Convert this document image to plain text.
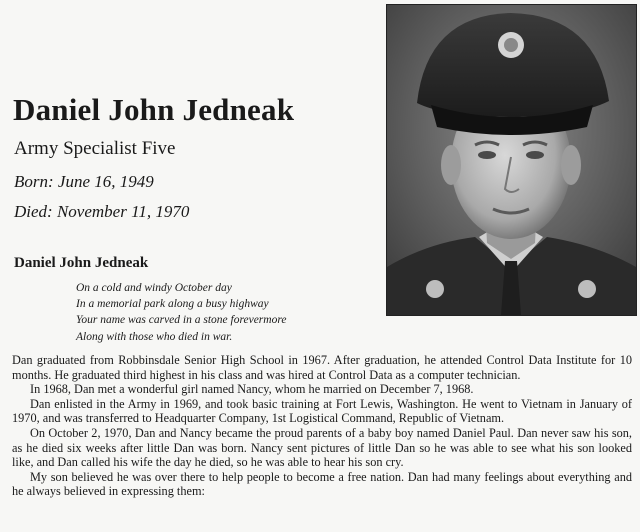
Daniel John Jedneak
Army Specialist Five
Born: June 16, 1949
Died: November 11, 1970
Daniel John Jedneak
On a cold and windy October day
In a memorial park along a busy highway
Your name was carved in a stone forevermore
Along with those who died in war.

Dan graduated from Robbinsdale Senior High School in 1967. After graduation, he attended Control Data Institute for 10 months. He graduated third highest in his class and was hired at Control Data as a computer technician.

In 1968, Dan met a wonderful girl named Nancy, whom he married on December 7, 1968.

Dan enlisted in the Army in 1969, and took basic training at Fort Lewis, Washington. He went to Vietnam in January of 1970, and was transferred to Headquarter Company, 1st Logistical Command, Republic of Vietnam.

On October 2, 1970, Dan and Nancy became the proud parents of a baby boy named Daniel Paul. Dan never saw his son, as he died six weeks after little Dan was born. Nancy sent pictures of little Dan so he was able to see what his son looked like, and Dan called his wife the day he died, so he was able to hear his son cry.

My son believed he was over there to help people to become a free nation. Dan had many feelings about everything and he always believed in expressing them:
